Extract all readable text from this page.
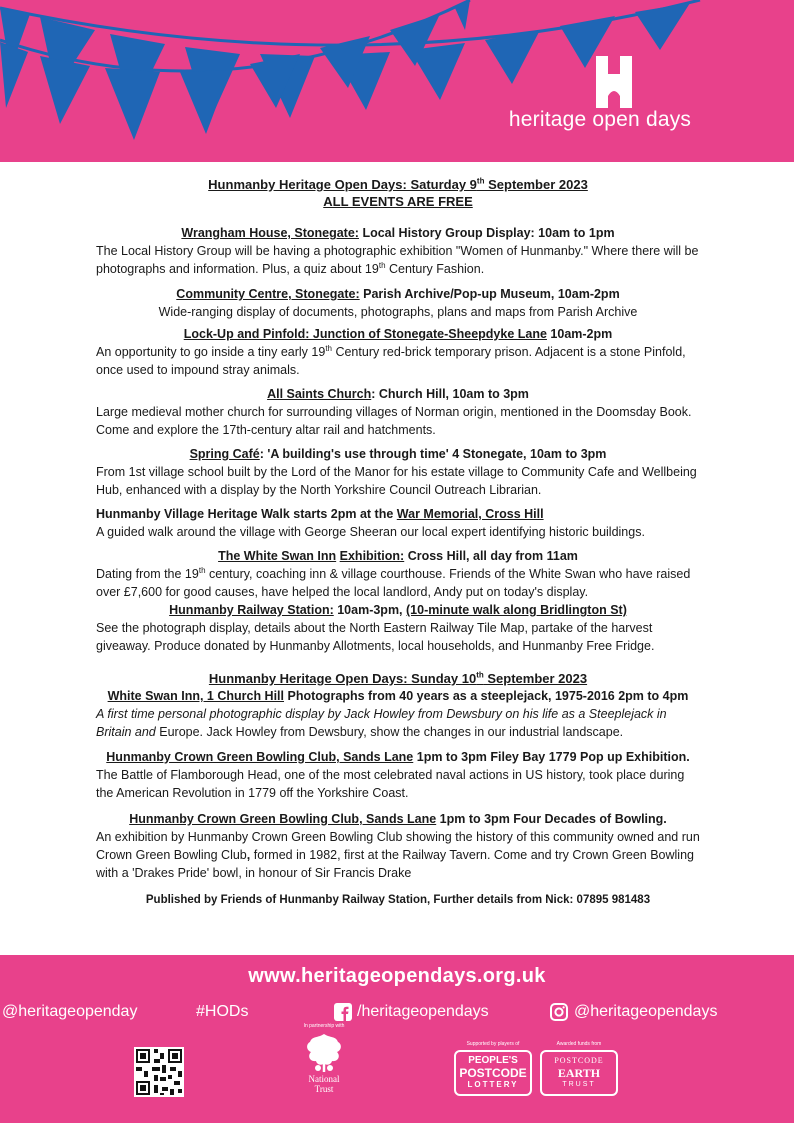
heritage open days

Hunmanby Heritage Open Days: Saturday 9th September 2023

ALL EVENTS ARE FREE

Wrangham House, Stonegate: Local History Group Display: 10am to 1pm

The Local History Group will be having a photographic exhibition "Women of Hunmanby." Where there will be photographs and information. Plus, a quiz about 19th Century Fashion.

Community Centre, Stonegate: Parish Archive/Pop-up Museum, 10am-2pm

Wide-ranging display of documents, photographs, plans and maps from Parish Archive

Lock-Up and Pinfold: Junction of Stonegate-Sheepdyke Lane 10am-2pm

An opportunity to go inside a tiny early 19th Century red-brick temporary prison. Adjacent is a stone Pinfold, once used to impound stray animals.

All Saints Church: Church Hill, 10am to 3pm

Large medieval mother church for surrounding villages of Norman origin, mentioned in the Doomsday Book. Come and explore the 17th-century altar rail and hatchments.

Spring Café: 'A building's use through time' 4 Stonegate, 10am to 3pm

From 1st village school built by the Lord of the Manor for his estate village to Community Cafe and Wellbeing Hub, enhanced with a display by the North Yorkshire Council Outreach Librarian.

Hunmanby Village Heritage Walk starts 2pm at the War Memorial, Cross Hill

A guided walk around the village with George Sheeran our local expert identifying historic buildings.

The White Swan Inn Exhibition: Cross Hill, all day from 11am

Dating from the 19th century, coaching inn & village courthouse. Friends of the White Swan who have raised over £7,600 for good causes, have helped the local landlord, Andy put on today's display.

Hunmanby Railway Station: 10am-3pm, (10-minute walk along Bridlington St)

See the photograph display, details about the North Eastern Railway Tile Map, partake of the harvest giveaway. Produce donated by Hunmanby Allotments, local households, and Hunmanby Free Fridge.

Hunmanby Heritage Open Days: Sunday 10th September 2023

White Swan Inn, 1 Church Hill Photographs from 40 years as a steeplejack, 1975-2016 2pm to 4pm

A first time personal photographic display by Jack Howley from Dewsbury on his life as a Steeplejack in Britain and Europe. Jack Howley from Dewsbury, show the changes in our industrial landscape.

Hunmanby Crown Green Bowling Club, Sands Lane 1pm to 3pm Filey Bay 1779 Pop up Exhibition.

The Battle of Flamborough Head, one of the most celebrated naval actions in US history, took place during the American Revolution in 1779 off the Yorkshire Coast.

Hunmanby Crown Green Bowling Club, Sands Lane 1pm to 3pm Four Decades of Bowling.

An exhibition by Hunmanby Crown Green Bowling Club showing the history of this community owned and run Crown Green Bowling Club, formed in 1982, first at the Railway Tavern. Come and try Crown Green Bowling with a 'Drakes Pride' bowl, in honour of Sir Francis Drake

Published by Friends of Hunmanby Railway Station, Further details from Nick: 07895 981483

www.heritageopendays.org.uk
@heritageopenday	#HODs	/heritageopendays	@heritageopendays
In partnership with
National
Trust
Supported by players of
PEOPLE'S
POSTCODE
LOTTERY
Awarded funds from
POSTCODE
EARTH
TRUST
